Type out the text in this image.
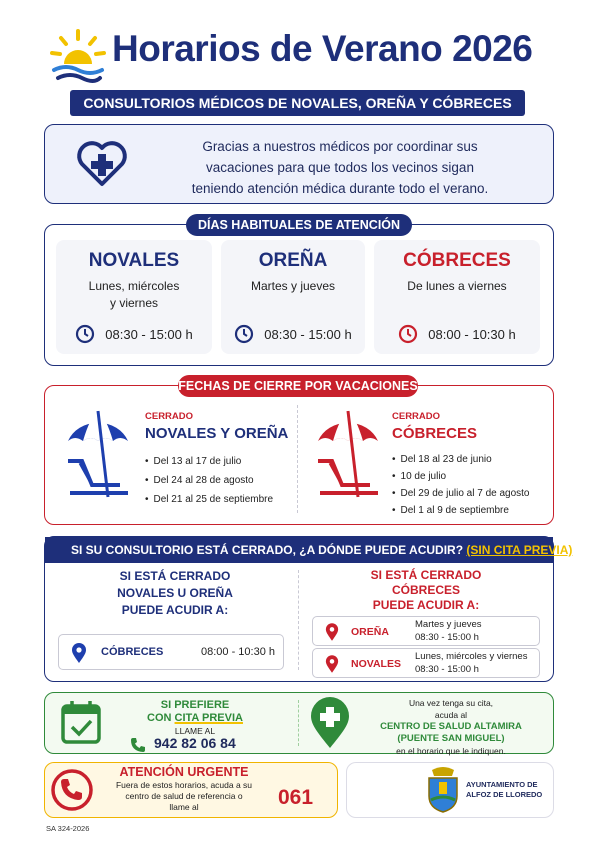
Horarios de Verano 2026
CONSULTORIOS MÉDICOS DE NOVALES, OREÑA Y CÓBRECES
Gracias a nuestros médicos por coordinar sus
vacaciones para que todos los vecinos sigan
teniendo atención médica durante todo el verano.
DÍAS HABITUALES DE ATENCIÓN
NOVALES
Lunes, miércoles
y viernes
08:30 - 15:00 h
OREÑA
Martes y jueves
08:30 - 15:00 h
CÓBRECES
De lunes a viernes
08:00 - 10:30 h
FECHAS DE CIERRE POR VACACIONES
CERRADO
NOVALES Y OREÑA
• Del 13 al 17 de julio
• Del 24 al 28 de agosto
• Del 21 al 25 de septiembre
CERRADO
CÓBRECES
• Del 18 al 23 de junio
• 10 de julio
• Del 29 de julio al 7 de agosto
• Del 1 al 9 de septiembre
SI SU CONSULTORIO ESTÁ CERRADO, ¿A DÓNDE PUEDE ACUDIR? (SIN CITA PREVIA)
SI ESTÁ CERRADO
NOVALES U OREÑA
PUEDE ACUDIR A:
CÓBRECES	08:00 - 10:30 h
SI ESTÁ CERRADO
CÓBRECES
PUEDE ACUDIR A:
OREÑA
Martes y jueves
08:30 - 15:00 h
NOVALES
Lunes, miércoles y viernes
08:30 - 15:00 h
SI PREFIERE
CON CITA PREVIA
LLAME AL
942 82 06 84
Una vez tenga su cita,
acuda al
CENTRO DE SALUD ALTAMIRA
(PUENTE SAN MIGUEL)
en el horario que le indiquen.
ATENCIÓN URGENTE
Fuera de estos horarios, acuda a su
centro de salud de referencia o
llame al	061
AYUNTAMIENTO DE
ALFOZ DE LLOREDO
SA 324-2026
